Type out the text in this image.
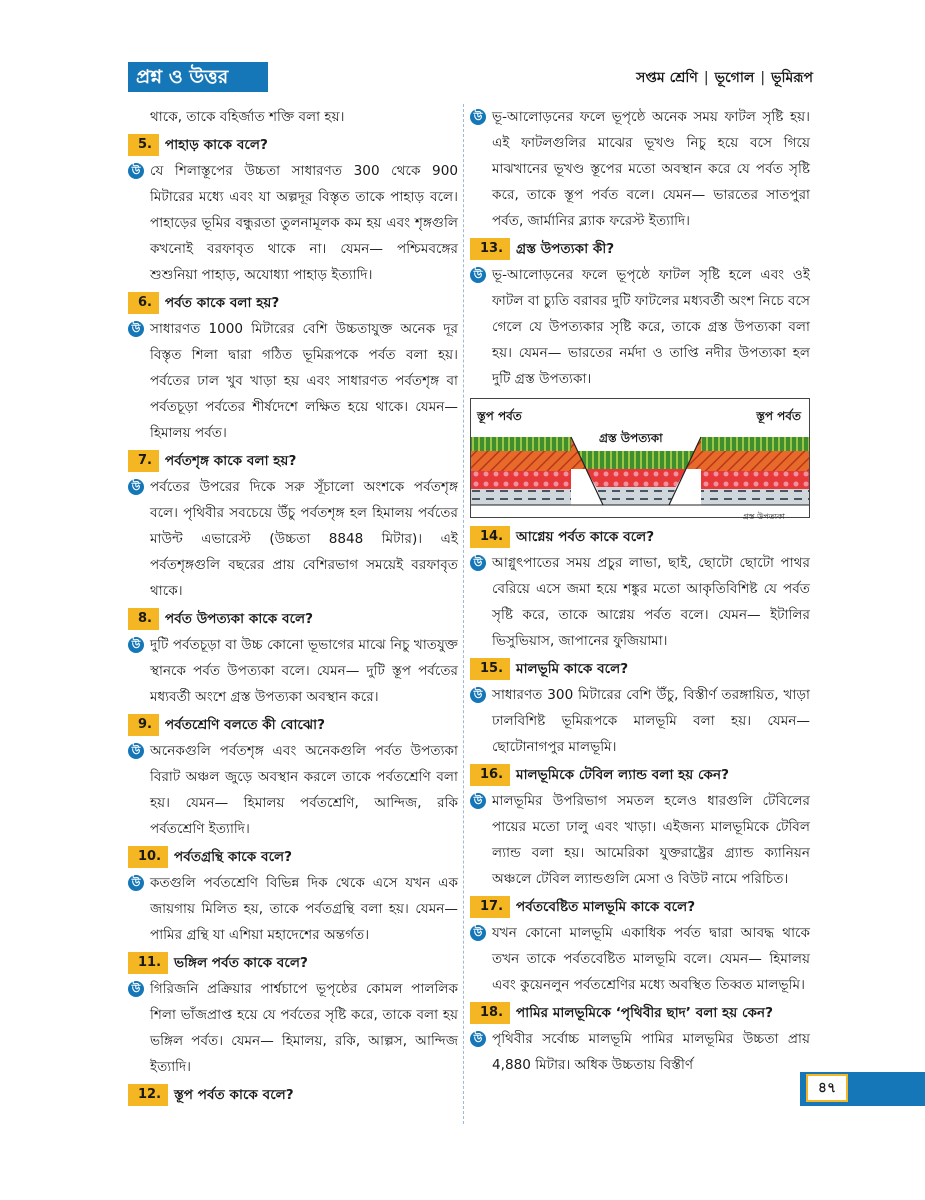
প্রশ্ন ও উত্তর	সপ্তম শ্রেণি | ভূগোল | ভূমিরূপ
থাকে, তাকে বহির্জাত শক্তি বলা হয়।
5. পাহাড় কাকে বলে?
উ যে শিলাস্তূপের উচ্চতা সাধারণত 300 থেকে 900 মিটারের মধ্যে এবং যা অল্পদূর বিস্তৃত তাকে পাহাড় বলে। পাহাড়ের ভূমির বন্ধুরতা তুলনামূলক কম হয় এবং শৃঙ্গগুলি কখনোই বরফাবৃত থাকে না। যেমন— পশ্চিমবঙ্গের শুশুনিয়া পাহাড়, অযোধ্যা পাহাড় ইত্যাদি।
6. পর্বত কাকে বলা হয়?
উ সাধারণত 1000 মিটারের বেশি উচ্চতাযুক্ত অনেক দূর বিস্তৃত শিলা দ্বারা গঠিত ভূমিরূপকে পর্বত বলা হয়। পর্বতের ঢাল খুব খাড়া হয় এবং সাধারণত পর্বতশৃঙ্গ বা পর্বতচূড়া পর্বতের শীর্ষদেশে লক্ষিত হয়ে থাকে। যেমন— হিমালয় পর্বত।
7. পর্বতশৃঙ্গ কাকে বলা হয়?
উ পর্বতের উপরের দিকে সরু সূঁচালো অংশকে পর্বতশৃঙ্গ বলে। পৃথিবীর সবচেয়ে উঁচু পর্বতশৃঙ্গ হল হিমালয় পর্বতের মাউন্ট এভারেস্ট (উচ্চতা 8848 মিটার)। এই পর্বতশৃঙ্গগুলি বছরের প্রায় বেশিরভাগ সময়েই বরফাবৃত থাকে।
8. পর্বত উপত্যকা কাকে বলে?
উ দুটি পর্বতচূড়া বা উচ্চ কোনো ভূভাগের মাঝে নিচু খাতযুক্ত স্থানকে পর্বত উপত্যকা বলে। যেমন— দুটি স্তূপ পর্বতের মধ্যবর্তী অংশে গ্রস্ত উপত্যকা অবস্থান করে।
9. পর্বতশ্রেণি বলতে কী বোঝো?
উ অনেকগুলি পর্বতশৃঙ্গ এবং অনেকগুলি পর্বত উপত্যকা বিরাট অঞ্চল জুড়ে অবস্থান করলে তাকে পর্বতশ্রেণি বলা হয়। যেমন— হিমালয় পর্বতশ্রেণি, আন্দিজ, রকি পর্বতশ্রেণি ইত্যাদি।
10. পর্বতগ্রন্থি কাকে বলে?
উ কতগুলি পর্বতশ্রেণি বিভিন্ন দিক থেকে এসে যখন এক জায়গায় মিলিত হয়, তাকে পর্বতগ্রন্থি বলা হয়। যেমন— পামির গ্রন্থি যা এশিয়া মহাদেশের অন্তর্গত।
11. ভঙ্গিল পর্বত কাকে বলে?
উ গিরিজনি প্রক্রিয়ার পার্শ্বচাপে ভূপৃষ্ঠের কোমল পাললিক শিলা ভাঁজপ্রাপ্ত হয়ে যে পর্বতের সৃষ্টি করে, তাকে বলা হয় ভঙ্গিল পর্বত। যেমন— হিমালয়, রকি, আল্পস, আন্দিজ ইত্যাদি।
12. স্তূপ পর্বত কাকে বলে?
উ ভূ-আলোড়নের ফলে ভূপৃষ্ঠে অনেক সময় ফাটল সৃষ্টি হয়। এই ফাটলগুলির মাঝের ভূখণ্ড নিচু হয়ে বসে গিয়ে মাঝখানের ভূখণ্ড স্তূপের মতো অবস্থান করে যে পর্বত সৃষ্টি করে, তাকে স্তূপ পর্বত বলে। যেমন— ভারতের সাতপুরা পর্বত, জার্মানির ব্ল্যাক ফরেস্ট ইত্যাদি।
13. গ্রস্ত উপত্যকা কী?
উ ভূ-আলোড়নের ফলে ভূপৃষ্ঠে ফাটল সৃষ্টি হলে এবং ওই ফাটল বা চ্যুতি বরাবর দুটি ফাটলের মধ্যবর্তী অংশ নিচে বসে গেলে যে উপত্যকার সৃষ্টি করে, তাকে গ্রস্ত উপত্যকা বলা হয়। যেমন— ভারতের নর্মদা ও তাপ্তি নদীর উপত্যকা হল দুটি গ্রস্ত উপত্যকা।
স্তূপ পর্বত	স্তূপ পর্বত
গ্রস্ত উপত্যকা
গ্রস্ত উপত্যকা
14. আগ্নেয় পর্বত কাকে বলে?
উ আগ্নুৎপাতের সময় প্রচুর লাভা, ছাই, ছোটো ছোটো পাথর বেরিয়ে এসে জমা হয়ে শঙ্কুর মতো আকৃতিবিশিষ্ট যে পর্বত সৃষ্টি করে, তাকে আগ্নেয় পর্বত বলে। যেমন— ইটালির ভিসুভিয়াস, জাপানের ফুজিয়ামা।
15. মালভূমি কাকে বলে?
উ সাধারণত 300 মিটারের বেশি উঁচু, বিস্তীর্ণ তরঙ্গায়িত, খাড়া ঢালবিশিষ্ট ভূমিরূপকে মালভূমি বলা হয়। যেমন— ছোটোনাগপুর মালভূমি।
16. মালভূমিকে টেবিল ল্যান্ড বলা হয় কেন?
উ মালভূমির উপরিভাগ সমতল হলেও ধারগুলি টেবিলের পায়ের মতো ঢালু এবং খাড়া। এইজন্য মালভূমিকে টেবিল ল্যান্ড বলা হয়। আমেরিকা যুক্তরাষ্ট্রের গ্র্যান্ড ক্যানিয়ন অঞ্চলে টেবিল ল্যান্ডগুলি মেসা ও বিউট নামে পরিচিত।
17. পর্বতবেষ্টিত মালভূমি কাকে বলে?
উ যখন কোনো মালভূমি একাধিক পর্বত দ্বারা আবদ্ধ থাকে তখন তাকে পর্বতবেষ্টিত মালভূমি বলে। যেমন— হিমালয় এবং কুয়েনলুন পর্বতশ্রেণির মধ্যে অবস্থিত তিব্বত মালভূমি।
18. পামির মালভূমিকে ‘পৃথিবীর ছাদ’ বলা হয় কেন?
উ পৃথিবীর সর্বোচ্চ মালভূমি পামির মালভূমির উচ্চতা প্রায় 4,880 মিটার। অধিক উচ্চতায় বিস্তীর্ণ
৪৭
